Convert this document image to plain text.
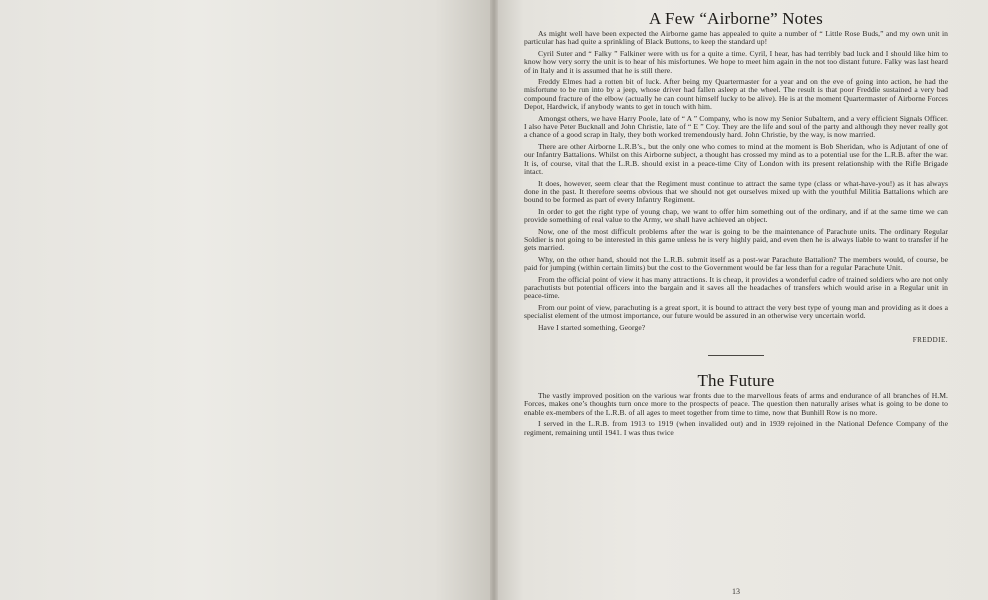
A Few “Airborne” Notes

As might well have been expected the Airborne game has appealed to quite a number of “ Little Rose Buds,” and my own unit in particular has had quite a sprinkling of Black Buttons, to keep the standard up!

Cyril Suter and “ Falky ” Falkiner were with us for a quite a time. Cyril, I hear, has had terribly bad luck and I should like him to know how very sorry the unit is to hear of his misfortunes. We hope to meet him again in the not too distant future. Falky was last heard of in Italy and it is assumed that he is still there.

Freddy Elmes had a rotten bit of luck. After being my Quartermaster for a year and on the eve of going into action, he had the misfortune to be run into by a jeep, whose driver had fallen asleep at the wheel. The result is that poor Freddie sustained a very bad compound fracture of the elbow (actually he can count himself lucky to be alive). He is at the moment Quartermaster of Airborne Forces Depot, Hardwick, if anybody wants to get in touch with him.

Amongst others, we have Harry Poole, late of “ A ” Company, who is now my Senior Subaltern, and a very efficient Signals Officer. I also have Peter Bucknall and John Christie, late of “ E ” Coy. They are the life and soul of the party and although they never really got a chance of a good scrap in Italy, they both worked tremendously hard. John Christie, by the way, is now married.

There are other Airborne L.R.B’s., but the only one who comes to mind at the moment is Bob Sheridan, who is Adjutant of one of our Infantry Battalions. Whilst on this Airborne subject, a thought has crossed my mind as to a potential use for the L.R.B. after the war. It is, of course, vital that the L.R.B. should exist in a peace-time City of London with its present relationship with the Rifle Brigade intact.

It does, however, seem clear that the Regiment must continue to attract the same type (class or what-have-you!) as it has always done in the past. It therefore seems obvious that we should not get ourselves mixed up with the youthful Militia Battalions which are bound to be formed as part of every Infantry Regiment.

In order to get the right type of young chap, we want to offer him something out of the ordinary, and if at the same time we can provide something of real value to the Army, we shall have achieved an object.

Now, one of the most difficult problems after the war is going to be the maintenance of Parachute units. The ordinary Regular Soldier is not going to be interested in this game unless he is very highly paid, and even then he is always liable to want to transfer if he gets married.

Why, on the other hand, should not the L.R.B. submit itself as a post-war Parachute Battalion? The members would, of course, be paid for jumping (within certain limits) but the cost to the Government would be far less than for a regular Parachute Unit.

From the official point of view it has many attractions. It is cheap, it provides a wonderful cadre of trained soldiers who are not only parachutists but potential officers into the bargain and it saves all the headaches of transfers which would arise in a Regular unit in peace-time.

From our point of view, parachuting is a great sport, it is bound to attract the very best type of young man and providing as it does a specialist element of the utmost importance, our future would be assured in an otherwise very uncertain world.

Have I started something, George?

FREDDIE.

The Future

The vastly improved position on the various war fronts due to the marvellous feats of arms and endurance of all branches of H.M. Forces, makes one’s thoughts turn once more to the prospects of peace. The question then naturally arises what is going to be done to enable ex-members of the L.R.B. of all ages to meet together from time to time, now that Bunhill Row is no more.

I served in the L.R.B. from 1913 to 1919 (when invalided out) and in 1939 rejoined in the National Defence Company of the regiment, remaining until 1941. I was thus twice

13
